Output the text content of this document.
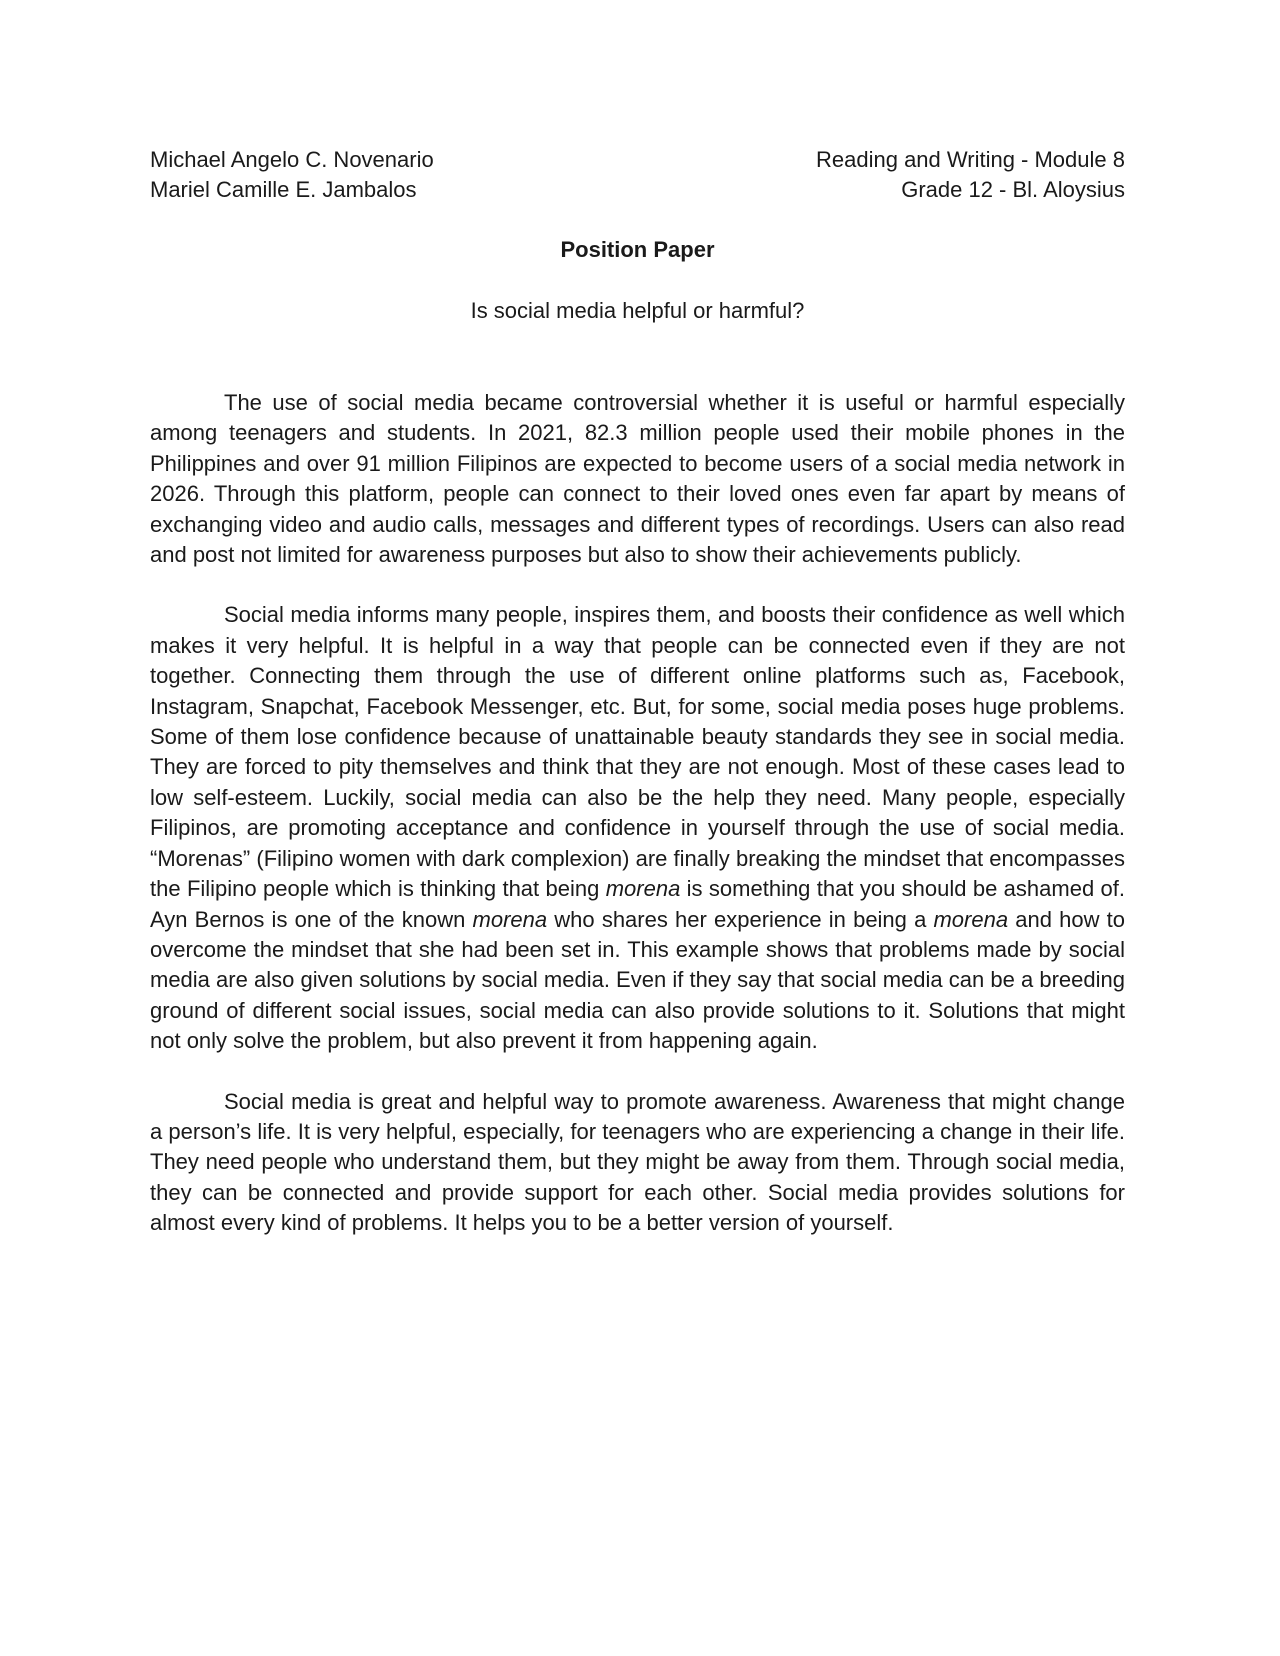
Michael Angelo C. Novenario
Mariel Camille E. Jambalos
Reading and Writing - Module 8
Grade 12 - Bl. Aloysius
Position Paper
Is social media helpful or harmful?

The use of social media became controversial whether it is useful or harmful especially among teenagers and students. In 2021, 82.3 million people used their mobile phones in the Philippines and over 91 million Filipinos are expected to become users of a social media network in 2026. Through this platform, people can connect to their loved ones even far apart by means of exchanging video and audio calls, messages and different types of recordings. Users can also read and post not limited for awareness purposes but also to show their achievements publicly.

Social media informs many people, inspires them, and boosts their confidence as well which makes it very helpful. It is helpful in a way that people can be connected even if they are not together. Connecting them through the use of different online platforms such as, Facebook, Instagram, Snapchat, Facebook Messenger, etc. But, for some, social media poses huge problems. Some of them lose confidence because of unattainable beauty standards they see in social media. They are forced to pity themselves and think that they are not enough. Most of these cases lead to low self-esteem. Luckily, social media can also be the help they need. Many people, especially Filipinos, are promoting acceptance and confidence in yourself through the use of social media. “Morenas” (Filipino women with dark complexion) are finally breaking the mindset that encompasses the Filipino people which is thinking that being morena is something that you should be ashamed of. Ayn Bernos is one of the known morena who shares her experience in being a morena and how to overcome the mindset that she had been set in. This example shows that problems made by social media are also given solutions by social media. Even if they say that social media can be a breeding ground of different social issues, social media can also provide solutions to it. Solutions that might not only solve the problem, but also prevent it from happening again.

Social media is great and helpful way to promote awareness. Awareness that might change a person’s life. It is very helpful, especially, for teenagers who are experiencing a change in their life. They need people who understand them, but they might be away from them. Through social media, they can be connected and provide support for each other. Social media provides solutions for almost every kind of problems. It helps you to be a better version of yourself.
